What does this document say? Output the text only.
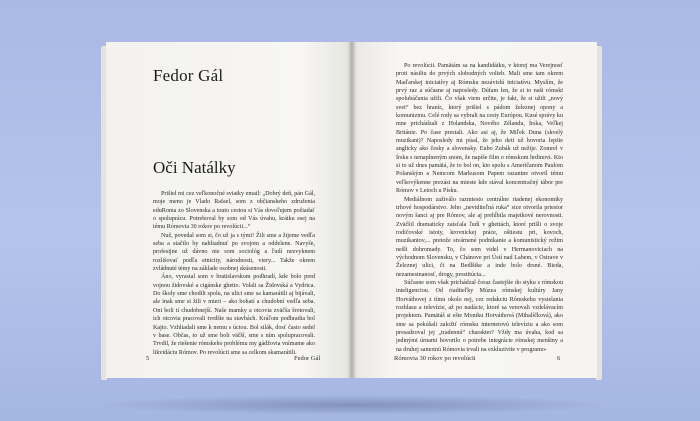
Fedor Gál
Oči Natálky

Prišiel mi cez veľkonočné sviatky email: „Dobrý deň, pán Gál, moje meno je Vlado Rafael, som z občianskeho združenia eduRoma zo Slovenska a touto cestou si Vás dovoľujem požiadať o spoluprácu. Potreboval by som od Vás úvahu, krátku esej na tému Rómovia 30 rokov po revolúcii...“

Nuž, povedal som si, čo už ja s tými! Žili sme a žijeme vedľa seba a stačilo by nahliadnuť po svojom a oddelene. Navyše, profesijne už dávno nie som sociológ a ľudí nezvyknem rozlišovať podľa etnicity, národnosti, viery... Takže okrem zvládnuté témy na základe osobnej skúsenosti.

Áno, vyrastal som v bratislavskom podhradí, kde bolo pred vojnou židovské a cigánske ghetto. Volali sa Židovská a Vydrica. Do školy sme chodili spolu, na ulici sme sa kamarátili aj bijávali, ale inak sme si žili v mieri – ako bohatí a chudobní vedľa seba. Oni boli tí chudobnejší. Naše mamky a otcovia zväčša šrotovali, ich otcovia pracovali tvrdšie na stavbách. Kráľom podhradia bol Kajto. Vzhliadali sme k nemu s úctou. Bol silák, dosť často sedel v base. Občas, to už sme boli väčší, sme s ním spolupracovali. Trvdil, že riešenie rómskeho problému my gádžovia vnímame ako likvidáciu Rómov. Po revolúcii sme sa celkom skamarátili.

5	Fedor Gál

Po revolúcii. Pamätám sa na kandidátku, v ktorej ma Verejnosť proti násiliu do prvých slobodných volieb. Mali sme tam okrem Maďarskej iniciatívy aj Rómsku nezávislú iniciatívu. Myslím, že prvý raz a súčasne aj naposledy. Dúfam len, že si to naši rómski spolubáčania užili. Čo však viem určite, je fakt, že si užili „nový svet“ bez hraníc, ktorý prišiel s pádom železnej opony a komunizmu. Celé rody sa vybrali na cesty Európou. Kusé správy ku mne prichádzali z Holandska, Nového Zélandu, Írska, Veľkej Británie. Po čase prestali. Ako asi aj, že Miľek Duna (skvelý muzikant)? Naposledy mi písal, že jeho deti už hovoria lepšie anglicky ako česky a slovensky. Eubo Zubák už nežije. Zomrel v Írsku s nenaplneným snom, že napíše film o rómskom hrdinovi. Kto si to už dnes pamätá, že to bol on, kto spolu s Američanom Paulom Polanským a Nemcom Markusom Papem razantne otvoril tému veľkovýkenne prezást na mieste kde stával koncentračný tábor pre Rómov v Letoch u Písku.

Mediálnom zaživálo razmiesto centrálne riadenej ekonomiky trhové hospodárstvo. Jeho „neviditeľná ruka“ sice otvorila priestor novým šanci aj pre Rómov, ale aj prehĺbila majetkové nerovnosti. Zväčšil dramaticky zaisťala ľudí v ghettách, ktoré prišli o svoje rodičovské istoty, krovnickej práce, oštiestu pri, kovoch, muzikantov,... pretože stvárnené podnikanie a komunistický režim nešli dohromady. To, čo som videl v Hermanoviciach na východnom Slovensku, v Chánove pri Ústí nad Labem, v Ostrave v Železnej ulici, či na Bedlštke a inde bolo drsné. Bieda, nezamestnanosť, drogy, prostitúcia...

Súčasne som však prichádzal čoraz častejšie do styku s rómskou inteligenciou. Od riaditeľky Múzea rómskej kultúry Jany Horváthovej z tímu okolo nej, cez redakciu Rómskeho vysielania rozhlasu a televízie, až po nadácie, ktoré sa venovali vzdelávacím projektom. Pamätáš si ešte Moniku Horváthová (Mihalíčková), ako sme sa pokúšali založiť rómsku internetovú televíziu a ako som presadzoval jej „tradennú“ charakter? Vždy ma úvaha, kod sa jedinými úrnami hovorilo o potrebe integrácie rómskej menšiny a na druhej samotnú Rómovia trvali na exkluzivite v programo-

Rómovia 30 rokov po revolúcii	6
